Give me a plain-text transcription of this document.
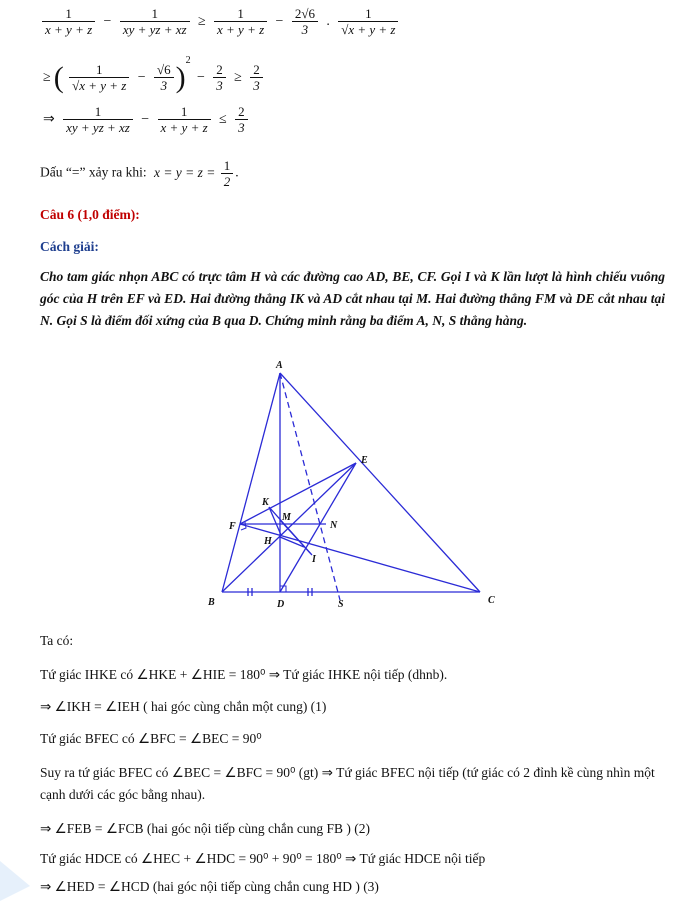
$\frac{1}{x + y + z} - \frac{1}{xy + yz + xz} \ge \frac{1}{x + y + z} - \frac{2√6}{3}$ . $\frac{1}{√x + y + z}$
≥ ( $\frac{1}{√x + y + z} - \frac{√6}{3} )^2 - \frac{2}{3} \ge \frac{2}{3}$
⇒ $\frac{1}{xy + yz + xz} - \frac{1}{x + y + z} \le \frac{2}{3}$
Dấu “=” xảy ra khi: $x = y = z = \frac{1}{2}$ .
Câu 6 (1,0 điểm):
Cách giải:
Cho tam giác nhọn ABC có trực tâm H và các đường cao AD, BE, CF. Gọi I và K lần lượt là hình chiếu vuông góc của H trên EF và ED. Hai đường thẳng IK và AD cắt nhau tại M. Hai đường thẳng FM và DE cắt nhau tại N. Gọi S là điểm đối xứng của B qua D. Chứng minh rằng ba điểm A, N, S thẳng hàng.
A
B	C
D
E
F
H
K
M
N
I
S
Ta có:
Tứ giác IHKE có ∠HKE + ∠HIE = 180⁰ ⇒ Tứ giác IHKE nội tiếp (dhnb).
⇒ ∠IKH = ∠IEH ( hai góc cùng chắn một cung) (1)
Tứ giác BFEC có ∠BFC = ∠BEC = 90⁰
Suy ra tứ giác BFEC có ∠BEC = ∠BFC = 90⁰ (gt) ⇒ Tứ giác BFEC nội tiếp (tứ giác có 2 đỉnh kề cùng nhìn một cạnh dưới các góc bằng nhau).
⇒ ∠FEB = ∠FCB (hai góc nội tiếp cùng chắn cung FB ) (2)
Tứ giác HDCE có ∠HEC + ∠HDC = 90⁰ + 90⁰ = 180⁰ ⇒ Tứ giác HDCE nội tiếp
⇒ ∠HED = ∠HCD (hai góc nội tiếp cùng chắn cung HD ) (3)
